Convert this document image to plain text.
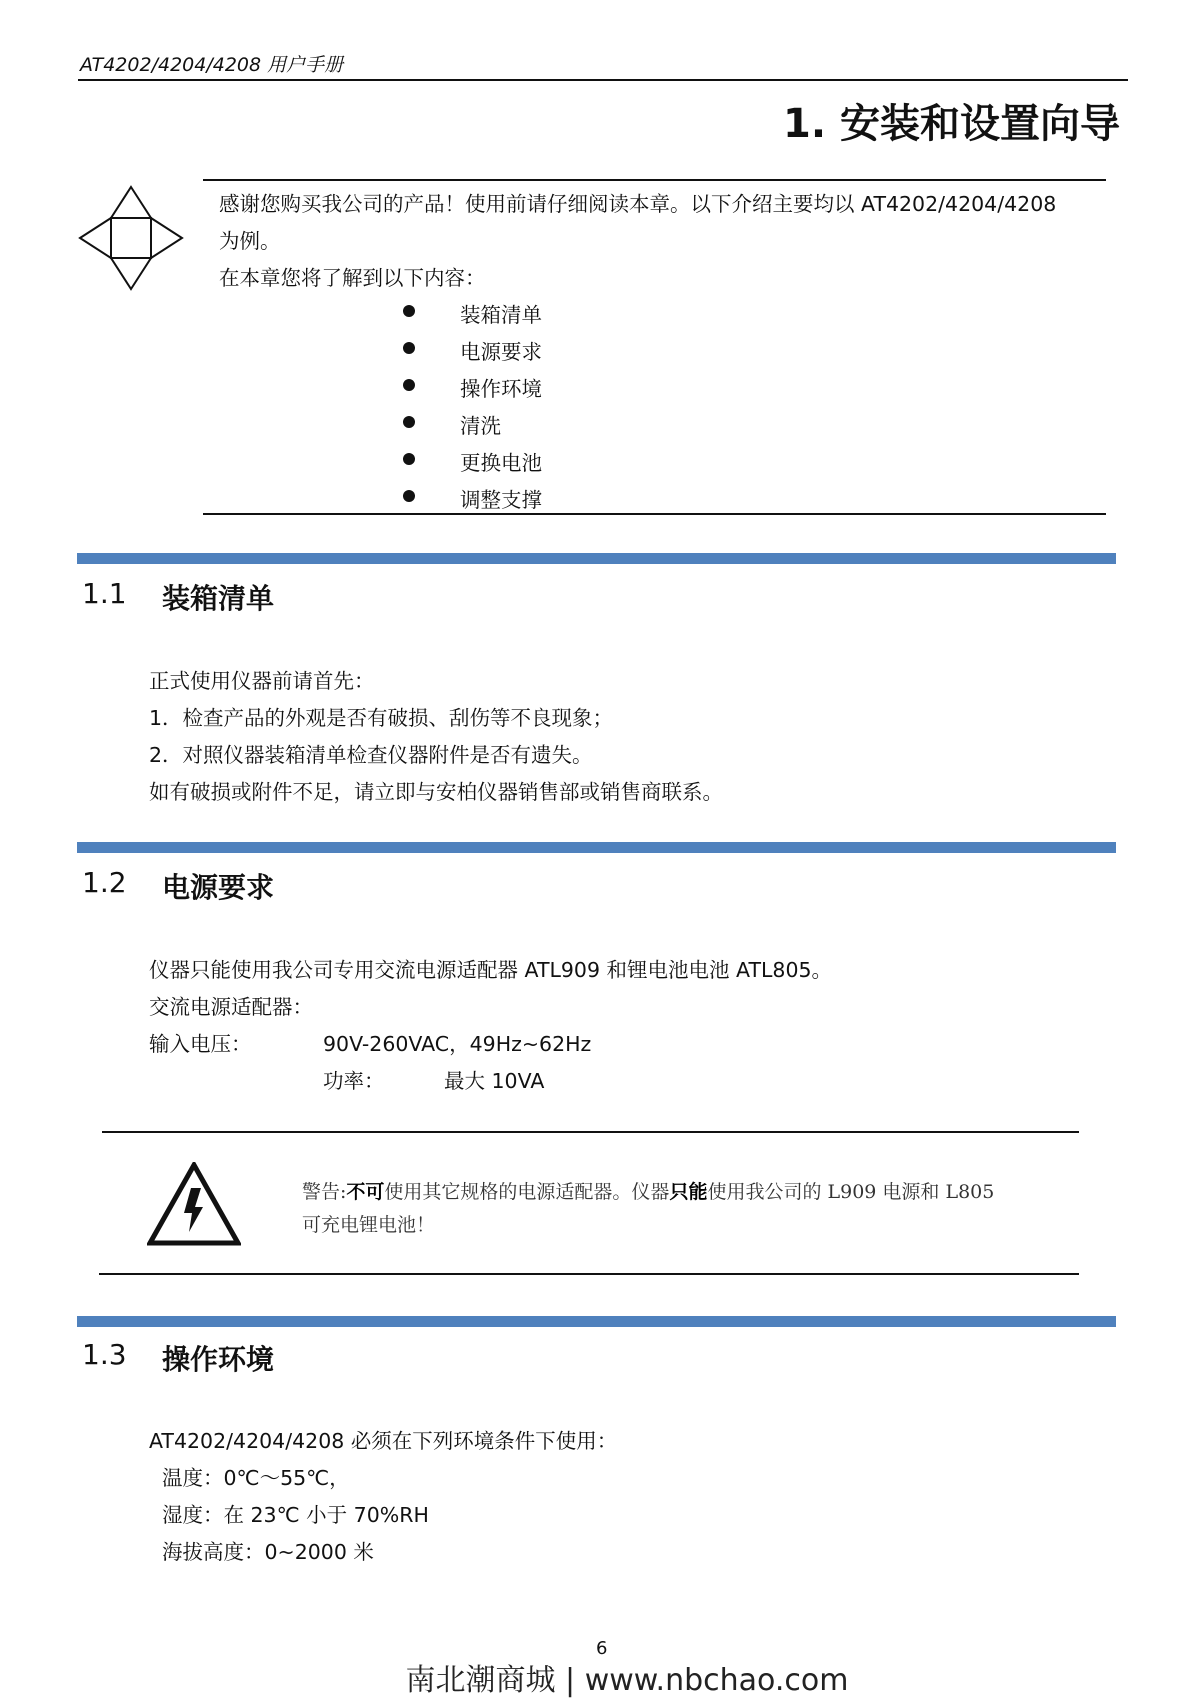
AT4202/4204/4208 用户手册
1. 安装和设置向导
感谢您购买我公司的产品！使用前请仔细阅读本章。以下介绍主要均以 AT4202/4204/4208
为例。
在本章您将了解到以下内容：
装箱清单
电源要求
操作环境
清洗
更换电池
调整支撑
1.1 装箱清单
正式使用仪器前请首先：
1．检查产品的外观是否有破损、刮伤等不良现象；
2．对照仪器装箱清单检查仪器附件是否有遗失。
如有破损或附件不足，请立即与安柏仪器销售部或销售商联系。
1.2 电源要求
仪器只能使用我公司专用交流电源适配器 ATL909 和锂电池电池 ATL805。
交流电源适配器：
输入电压：	90V-260VAC，49Hz~62Hz
功率：	最大 10VA
警告:不可使用其它规格的电源适配器。仪器只能使用我公司的 L909 电源和 L805
可充电锂电池！
1.3 操作环境
AT4202/4204/4208 必须在下列环境条件下使用：
温度：0℃～55℃，
湿度：在 23℃ 小于 70%RH
海拔高度：0~2000 米
6
南北潮商城 | www.nbchao.com
